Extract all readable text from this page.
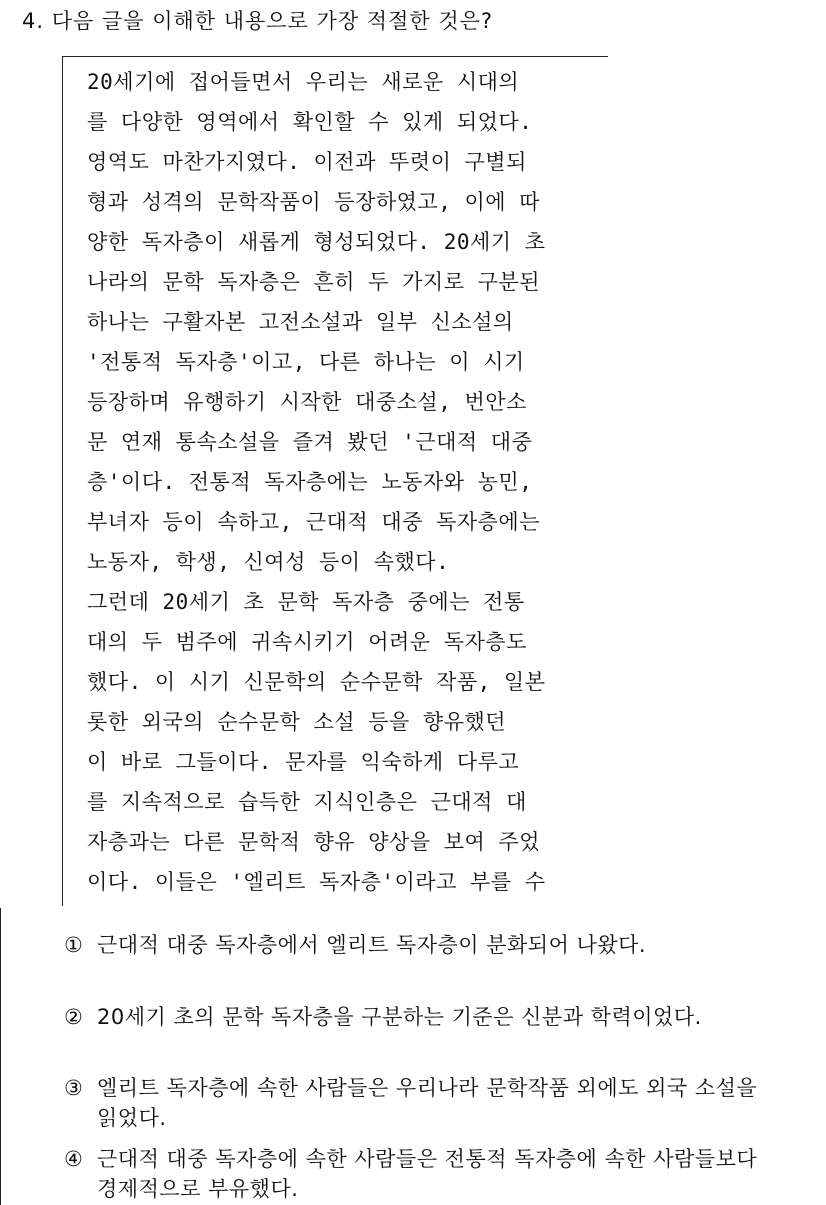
4. 다음 글을 이해한 내용으로 가장 적절한 것은?
20세기에 접어들면서 우리는 새로운 시대의
를 다양한 영역에서 확인할 수 있게 되었다.
영역도 마찬가지였다. 이전과 뚜렷이 구별되
형과 성격의 문학작품이 등장하였고, 이에 따
양한 독자층이 새롭게 형성되었다. 20세기 초
나라의 문학 독자층은 흔히 두 가지로 구분된
하나는 구활자본 고전소설과 일부 신소설의
'전통적 독자층'이고, 다른 하나는 이 시기
등장하며 유행하기 시작한 대중소설, 번안소
문 연재 통속소설을 즐겨 봤던 '근대적 대중
층'이다. 전통적 독자층에는 노동자와 농민,
부녀자 등이 속하고, 근대적 대중 독자층에는
노동자, 학생, 신여성 등이 속했다.
그런데 20세기 초 문학 독자층 중에는 전통
대의 두 범주에 귀속시키기 어려운 독자층도
했다. 이 시기 신문학의 순수문학 작품, 일본
롯한 외국의 순수문학 소설 등을 향유했던
이 바로 그들이다. 문자를 익숙하게 다루고
를 지속적으로 습득한 지식인층은 근대적 대
자층과는 다른 문학적 향유 양상을 보여 주었
이다. 이들은 '엘리트 독자층'이라고 부를 수
① 근대적 대중 독자층에서 엘리트 독자층이 분화되어 나왔다.
② 20세기 초의 문학 독자층을 구분하는 기준은 신분과 학력이었다.
③ 엘리트 독자층에 속한 사람들은 우리나라 문학작품 외에도 외국 소설을 읽었다.
④ 근대적 대중 독자층에 속한 사람들은 전통적 독자층에 속한 사람들보다 경제적으로 부유했다.
